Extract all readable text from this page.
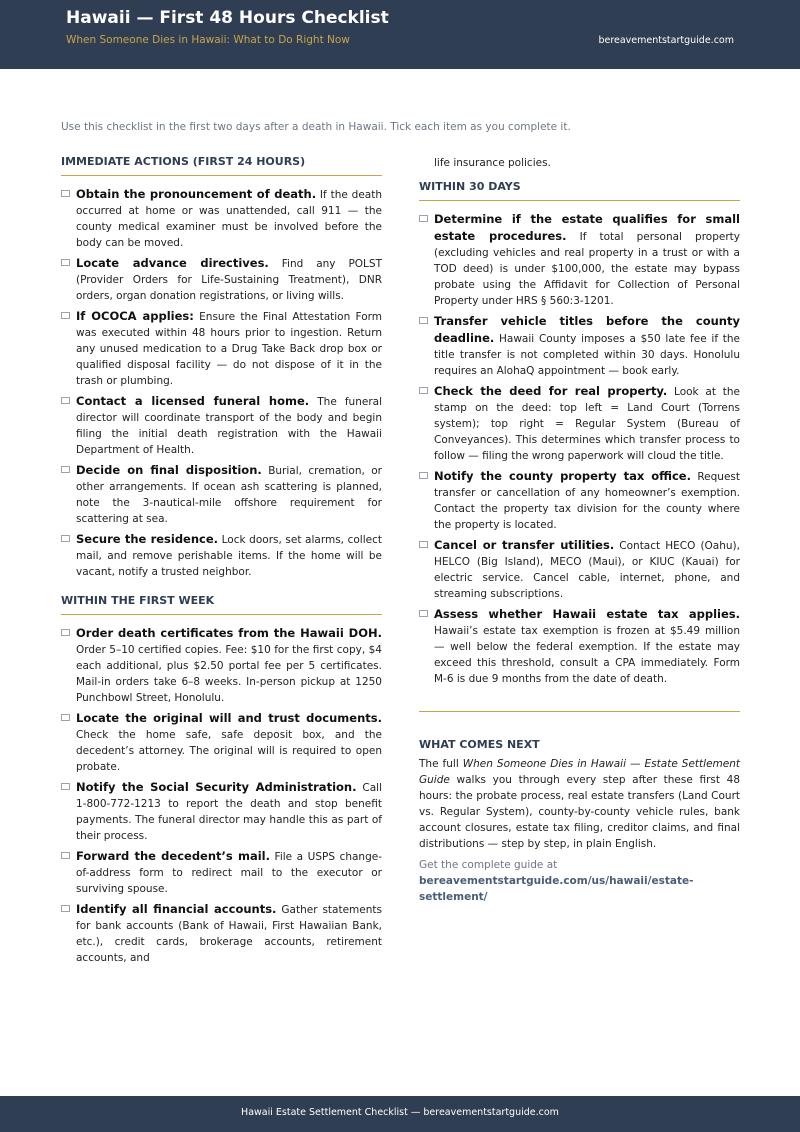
Hawaii — First 48 Hours Checklist
When Someone Dies in Hawaii: What to Do Right Now	bereavementstartguide.com
Use this checklist in the first two days after a death in Hawaii. Tick each item as you complete it.
IMMEDIATE ACTIONS (FIRST 24 HOURS)
Obtain the pronouncement of death. If the death occurred at home or was unattended, call 911 — the county medical examiner must be involved before the body can be moved.
Locate advance directives. Find any POLST (Provider Orders for Life-Sustaining Treatment), DNR orders, organ donation registrations, or living wills.
If OCOCA applies: Ensure the Final Attestation Form was executed within 48 hours prior to ingestion. Return any unused medication to a Drug Take Back drop box or qualified disposal facility — do not dispose of it in the trash or plumbing.
Contact a licensed funeral home. The funeral director will coordinate transport of the body and begin filing the initial death registration with the Hawaii Department of Health.
Decide on final disposition. Burial, cremation, or other arrangements. If ocean ash scattering is planned, note the 3-nautical-mile offshore requirement for scattering at sea.
Secure the residence. Lock doors, set alarms, collect mail, and remove perishable items. If the home will be vacant, notify a trusted neighbor.
WITHIN THE FIRST WEEK
Order death certificates from the Hawaii DOH. Order 5–10 certified copies. Fee: $10 for the first copy, $4 each additional, plus $2.50 portal fee per 5 certificates. Mail-in orders take 6–8 weeks. In-person pickup at 1250 Punchbowl Street, Honolulu.
Locate the original will and trust documents. Check the home safe, safe deposit box, and the decedent’s attorney. The original will is required to open probate.
Notify the Social Security Administration. Call 1-800-772-1213 to report the death and stop benefit payments. The funeral director may handle this as part of their process.
Forward the decedent’s mail. File a USPS change-of-address form to redirect mail to the executor or surviving spouse.
Identify all financial accounts. Gather statements for bank accounts (Bank of Hawaii, First Hawaiian Bank, etc.), credit cards, brokerage accounts, retirement accounts, and
life insurance policies.
WITHIN 30 DAYS
Determine if the estate qualifies for small estate procedures. If total personal property (excluding vehicles and real property in a trust or with a TOD deed) is under $100,000, the estate may bypass probate using the Affidavit for Collection of Personal Property under HRS § 560:3-1201.
Transfer vehicle titles before the county deadline. Hawaii County imposes a $50 late fee if the title transfer is not completed within 30 days. Honolulu requires an AlohaQ appointment — book early.
Check the deed for real property. Look at the stamp on the deed: top left = Land Court (Torrens system); top right = Regular System (Bureau of Conveyances). This determines which transfer process to follow — filing the wrong paperwork will cloud the title.
Notify the county property tax office. Request transfer or cancellation of any homeowner’s exemption. Contact the property tax division for the county where the property is located.
Cancel or transfer utilities. Contact HECO (Oahu), HELCO (Big Island), MECO (Maui), or KIUC (Kauai) for electric service. Cancel cable, internet, phone, and streaming subscriptions.
Assess whether Hawaii estate tax applies. Hawaii’s estate tax exemption is frozen at $5.49 million — well below the federal exemption. If the estate may exceed this threshold, consult a CPA immediately. Form M-6 is due 9 months from the date of death.
WHAT COMES NEXT
The full When Someone Dies in Hawaii — Estate Settlement Guide walks you through every step after these first 48 hours: the probate process, real estate transfers (Land Court vs. Regular System), county-by-county vehicle rules, bank account closures, estate tax filing, creditor claims, and final distributions — step by step, in plain English.
Get the complete guide at
bereavementstartguide.com/us/hawaii/estate-settlement/
Hawaii Estate Settlement Checklist — bereavementstartguide.com
